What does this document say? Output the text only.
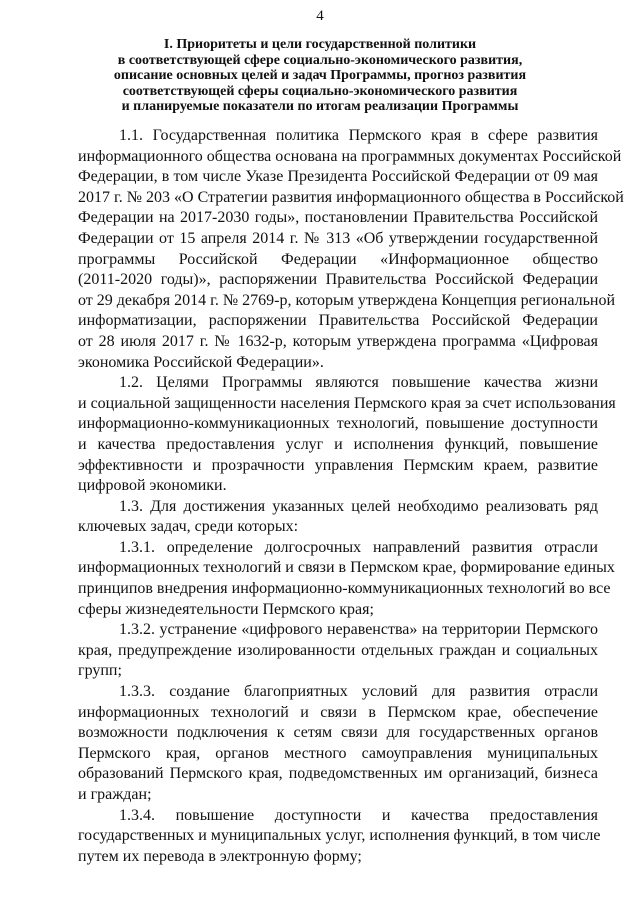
4
I. Приоритеты и цели государственной политики
в соответствующей сфере социально-экономического развития,
описание основных целей и задач Программы, прогноз развития
соответствующей сферы социально-экономического развития
и планируемые показатели по итогам реализации Программы
1.1. Государственная политика Пермского края в сфере развития
информационного общества основана на программных документах Российской
Федерации, в том числе Указе Президента Российской Федерации от 09 мая
2017 г. № 203 «О Стратегии развития информационного общества в Российской
Федерации на 2017-2030 годы», постановлении Правительства Российской
Федерации от 15 апреля 2014 г. № 313 «Об утверждении государственной
программы Российской Федерации «Информационное общество
(2011-2020 годы)», распоряжении Правительства Российской Федерации
от 29 декабря 2014 г. № 2769-р, которым утверждена Концепция региональной
информатизации, распоряжении Правительства Российской Федерации
от 28 июля 2017 г. № 1632-р, которым утверждена программа «Цифровая
экономика Российской Федерации».
1.2. Целями Программы являются повышение качества жизни
и социальной защищенности населения Пермского края за счет использования
информационно-коммуникационных технологий, повышение доступности
и качества предоставления услуг и исполнения функций, повышение
эффективности и прозрачности управления Пермским краем, развитие
цифровой экономики.
1.3. Для достижения указанных целей необходимо реализовать ряд
ключевых задач, среди которых:
1.3.1. определение долгосрочных направлений развития отрасли
информационных технологий и связи в Пермском крае, формирование единых
принципов внедрения информационно-коммуникационных технологий во все
сферы жизнедеятельности Пермского края;
1.3.2. устранение «цифрового неравенства» на территории Пермского
края, предупреждение изолированности отдельных граждан и социальных
групп;
1.3.3. создание благоприятных условий для развития отрасли
информационных технологий и связи в Пермском крае, обеспечение
возможности подключения к сетям связи для государственных органов
Пермского края, органов местного самоуправления муниципальных
образований Пермского края, подведомственных им организаций, бизнеса
и граждан;
1.3.4. повышение доступности и качества предоставления
государственных и муниципальных услуг, исполнения функций, в том числе
путем их перевода в электронную форму;
